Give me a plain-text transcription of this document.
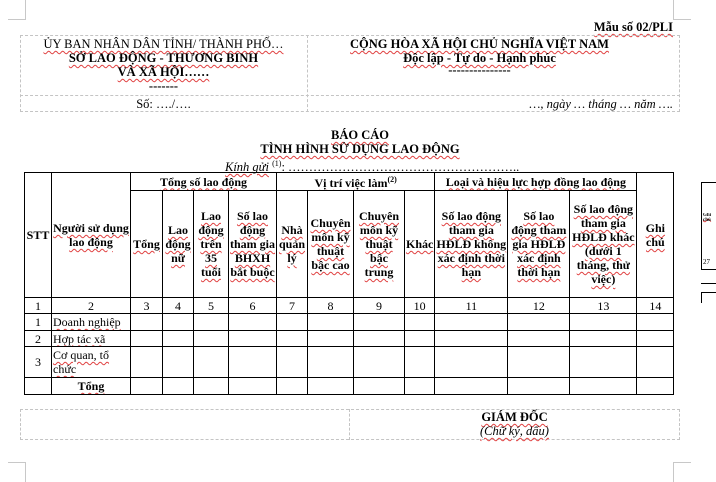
Mẫu số 02/PLI
ỦY BAN NHÂN DÂN TỈNH/ THÀNH PHỐ…
SỞ LAO ĐỘNG - THƯƠNG BINH
VÀ XÃ HỘI……
-------
Số: …./….
CỘNG HÒA XÃ HỘI CHỦ NGHĨA VIỆT NAM
Độc lập - Tự do - Hạnh phúc
---------------
…, ngày … tháng … năm ….
BÁO CÁO
TÌNH HÌNH SỬ DỤNG LAO ĐỘNG
Kính gửi $^{(1)}$: ………………………………………………..
STT	Người sử dụng lao động	Tổng số lao động				Vị trí việc làm$^{(2)}$				Loại và hiệu lực hợp đồng lao động			Ghi chú
		Tổng	Lao động nữ	Lao động trên 35 tuổi	Số lao động tham gia BHXH bắt buộc	Nhà quản lý	Chuyên môn kỹ thuật bậc cao	Chuyên môn kỹ thuật bậc trung	Khác	Số lao động tham gia HĐLĐ không xác định thời hạn	Số lao động tham gia HĐLĐ xác định thời hạn	Số lao động tham gia HĐLĐ khác (dưới 1 tháng, thử việc)	
1	2	3	4	5	6	7	8	9	10	11	12	13	14
1	Doanh nghiệp												
2	Hợp tác xã												
3	Cơ quan, tổ chức												
	Tổng												
Ghi chú
27
GIÁM ĐỐC
(Chữ ký, dấu)
